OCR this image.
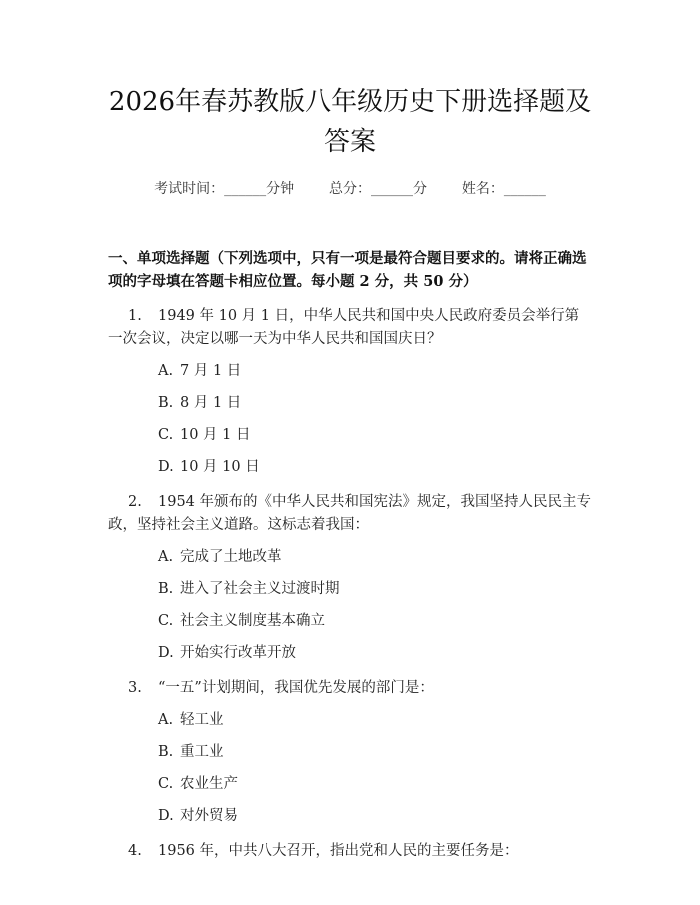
2026年春苏教版八年级历史下册选择题及答案
考试时间：______分钟 总分：______分 姓名：______
一、单项选择题（下列选项中，只有一项是最符合题目要求的。请将正确选项的字母填在答题卡相应位置。每小题 2 分，共 50 分）
1. 1949 年 10 月 1 日，中华人民共和国中央人民政府委员会举行第一次会议，决定以哪一天为中华人民共和国国庆日？
A. 7 月 1 日
B. 8 月 1 日
C. 10 月 1 日
D. 10 月 10 日
2. 1954 年颁布的《中华人民共和国宪法》规定，我国坚持人民民主专政，坚持社会主义道路。这标志着我国：
A. 完成了土地改革
B. 进入了社会主义过渡时期
C. 社会主义制度基本确立
D. 开始实行改革开放
3. “一五”计划期间，我国优先发展的部门是：
A. 轻工业
B. 重工业
C. 农业生产
D. 对外贸易
4. 1956 年，中共八大召开，指出党和人民的主要任务是：
